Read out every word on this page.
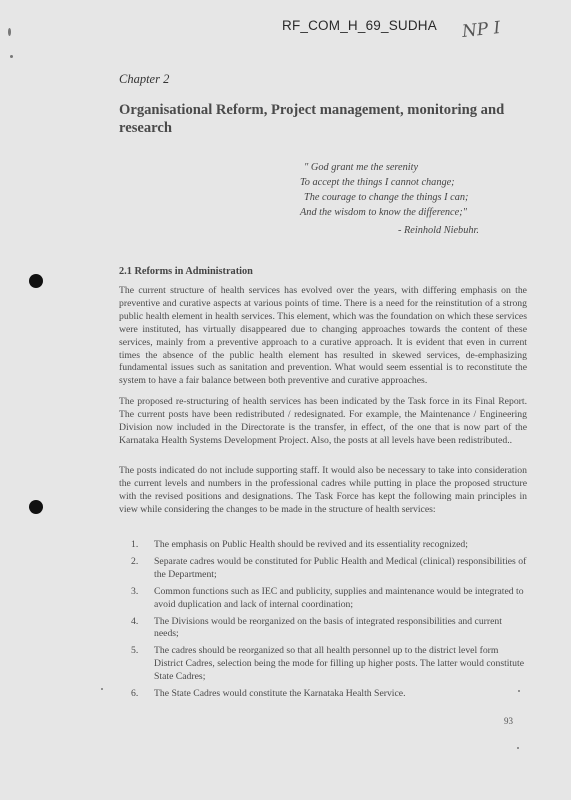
RF_COM_H_69_SUDHA NP I
Chapter 2
Organisational Reform, Project management, monitoring and research
" God grant me the serenity
To accept the things I cannot change;
The courage to change the things I can;
And the wisdom to know the difference;"
- Reinhold Niebuhr.
2.1 Reforms in Administration

The current structure of health services has evolved over the years, with differing emphasis on the preventive and curative aspects at various points of time. There is a need for the reinstitution of a strong public health element in health services. This element, which was the foundation on which these services were instituted, has virtually disappeared due to changing approaches towards the content of these services, mainly from a preventive approach to a curative approach. It is evident that even in current times the absence of the public health element has resulted in skewed services, de-emphasizing fundamental issues such as sanitation and prevention. What would seem essential is to reconstitute the system to have a fair balance between both preventive and curative approaches.

The proposed re-structuring of health services has been indicated by the Task force in its Final Report. The current posts have been redistributed / redesignated. For example, the Maintenance / Engineering Division now included in the Directorate is the transfer, in effect, of the one that is now part of the Karnataka Health Systems Development Project. Also, the posts at all levels have been redistributed..

The posts indicated do not include supporting staff. It would also be necessary to take into consideration the current levels and numbers in the professional cadres while putting in place the proposed structure with the revised positions and designations. The Task Force has kept the following main principles in view while considering the changes to be made in the structure of health services:

1. The emphasis on Public Health should be revived and its essentiality recognized;
2. Separate cadres would be constituted for Public Health and Medical (clinical) responsibilities of the Department;
3. Common functions such as IEC and publicity, supplies and maintenance would be integrated to avoid duplication and lack of internal coordination;
4. The Divisions would be reorganized on the basis of integrated responsibilities and current needs;
5. The cadres should be reorganized so that all health personnel up to the district level form District Cadres, selection being the mode for filling up higher posts. The latter would constitute State Cadres;
6. The State Cadres would constitute the Karnataka Health Service.
93
